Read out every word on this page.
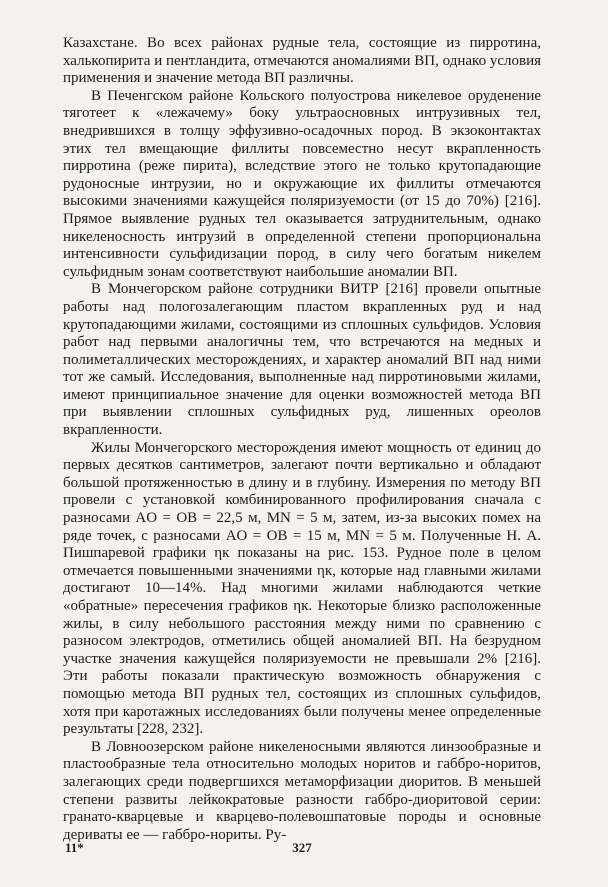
Казахстане. Во всех районах рудные тела, состоящие из пирротина, халькопирита и пентландита, отмечаются аномалиями ВП, однако условия применения и значение метода ВП различны.

В Печенгском районе Кольского полуострова никелевое оруденение тяготеет к «лежачему» боку ультраосновных интрузивных тел, внедрившихся в толщу эффузивно-осадочных пород. В экзоконтактах этих тел вмещающие филлиты повсеместно несут вкрапленность пирротина (реже пирита), вследствие этого не только крутопадающие рудоносные интрузии, но и окружающие их филлиты отмечаются высокими значениями кажущейся поляризуемости (от 15 до 70%) [216]. Прямое выявление рудных тел оказывается затруднительным, однако никеленосность интрузий в определенной степени пропорциональна интенсивности сульфидизации пород, в силу чего богатым никелем сульфидным зонам соответствуют наибольшие аномалии ВП.

В Мончегорском районе сотрудники ВИТР [216] провели опытные работы над пологозалегающим пластом вкрапленных руд и над крутопадающими жилами, состоящими из сплошных сульфидов. Условия работ над первыми аналогичны тем, что встречаются на медных и полиметаллических месторождениях, и характер аномалий ВП над ними тот же самый. Исследования, выполненные над пирротиновыми жилами, имеют принципиальное значение для оценки возможностей метода ВП при выявлении сплошных сульфидных руд, лишенных ореолов вкрапленности.

Жилы Мончегорского месторождения имеют мощность от единиц до первых десятков сантиметров, залегают почти вертикально и обладают большой протяженностью в длину и в глубину. Измерения по методу ВП провели с установкой комбинированного профилирования сначала с разносами AO = OB = 22,5 м, MN = 5 м, затем, из-за высоких помех на ряде точек, с разносами AO = OB = 15 м, MN = 5 м. Полученные Н. А. Пишпаревой графики ηк показаны на рис. 153. Рудное поле в целом отмечается повышенными значениями ηк, которые над главными жилами достигают 10—14%. Над многими жилами наблюдаются четкие «обратные» пересечения графиков ηк. Некоторые близко расположенные жилы, в силу небольшого расстояния между ними по сравнению с разносом электродов, отметились общей аномалией ВП. На безрудном участке значения кажущейся поляризуемости не превышали 2% [216]. Эти работы показали практическую возможность обнаружения с помощью метода ВП рудных тел, состоящих из сплошных сульфидов, хотя при каротажных исследованиях были получены менее определенные результаты [228, 232].

В Ловноозерском районе никеленосными являются линзообразные и пластообразные тела относительно молодых норитов и габбро-норитов, залегающих среди подвергшихся метаморфизации диоритов. В меньшей степени развиты лейкократовые разности габбро-диоритовой серии: гранато-кварцевые и кварцево-полевошпатовые породы и основные дериваты ее — габбро-нориты. Ру-

11*	327
